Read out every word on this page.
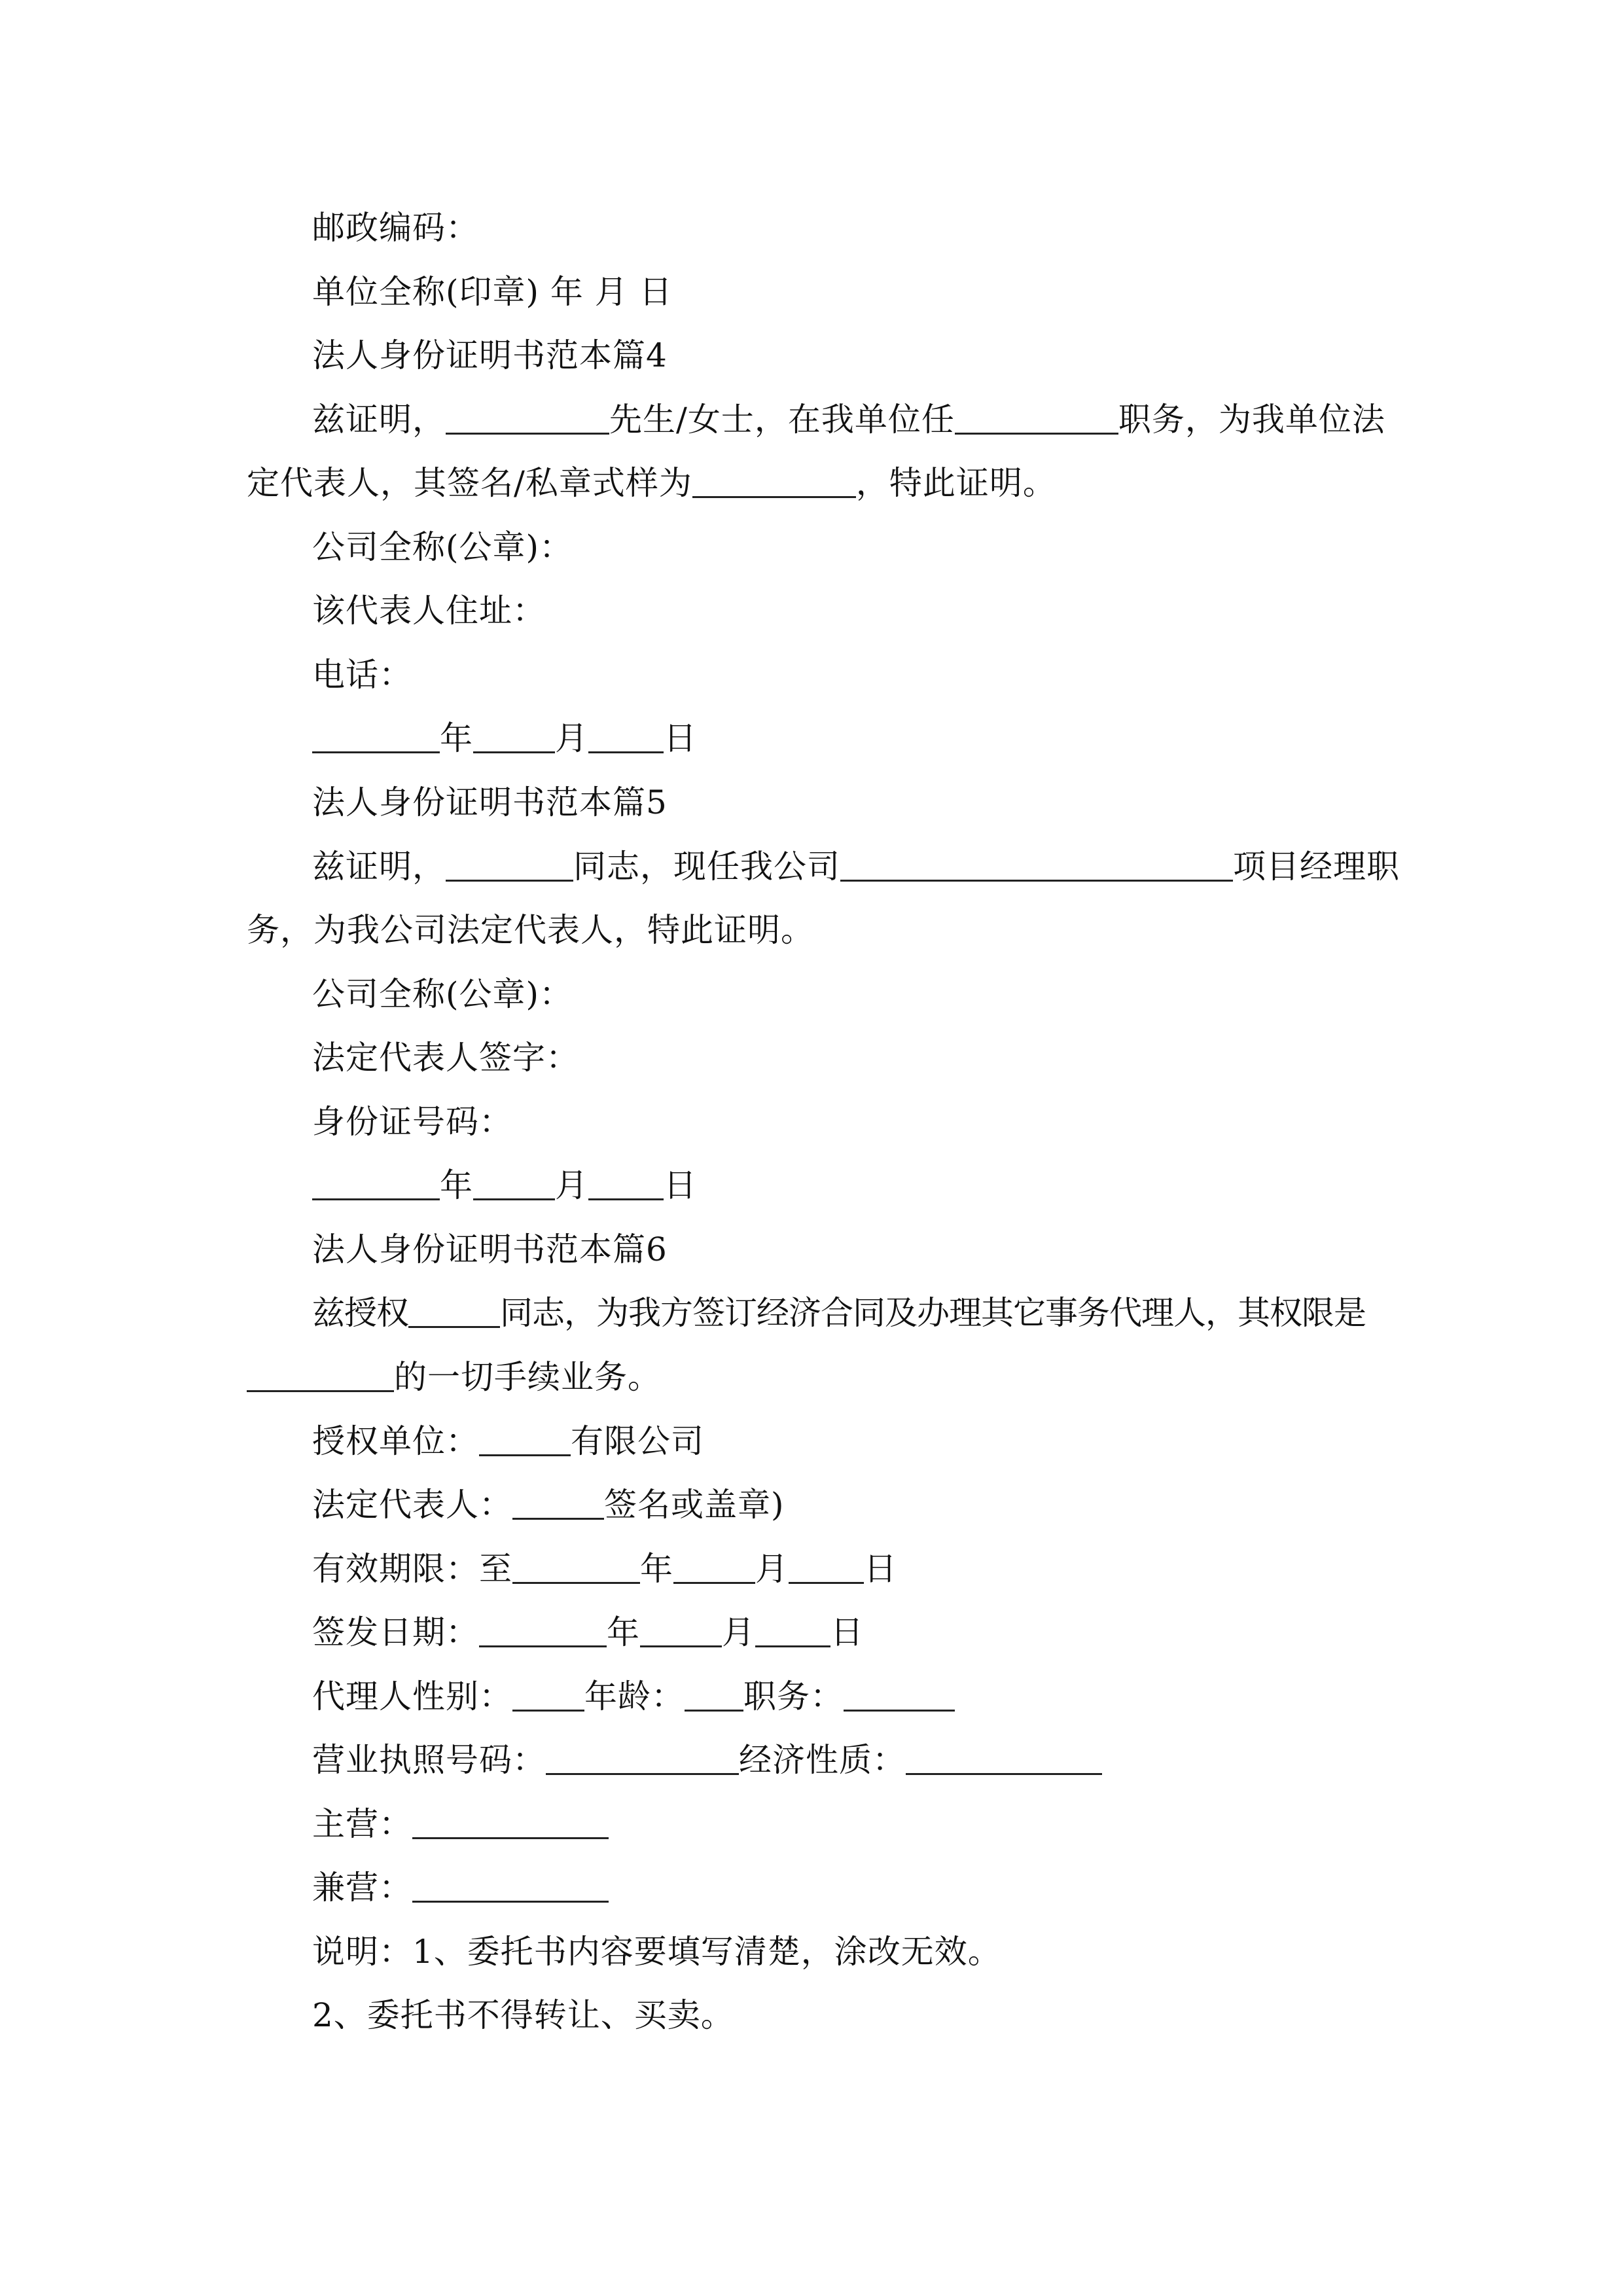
邮政编码：
单位全称(印章) 年 月 日
法人身份证明书范本篇4
兹证明，	先生/女士，在我单位任	职务，为我单位法
定代表人，其签名/私章式样为	，特此证明。
公司全称(公章)：
该代表人住址：
电话：
年	月 日
法人身份证明书范本篇5
兹证明，	同志，现任我公司	项目经理职
务，为我公司法定代表人，特此证明。
公司全称(公章)：
法定代表人签字：
身份证号码：
年	月 日
法人身份证明书范本篇6
兹授权	同志，为我方签订经济合同及办理其它事务代理人，其权限是
的一切手续业务。
授权单位：	有限公司
法定代表人：	签名或盖章)
有效期限：至	年	月 日
签发日期：	年	月 日
代理人性别： 年龄： 职务：
营业执照号码：	经济性质：
主营：
兼营：
说明：1、委托书内容要填写清楚，涂改无效。
2、委托书不得转让、买卖。
